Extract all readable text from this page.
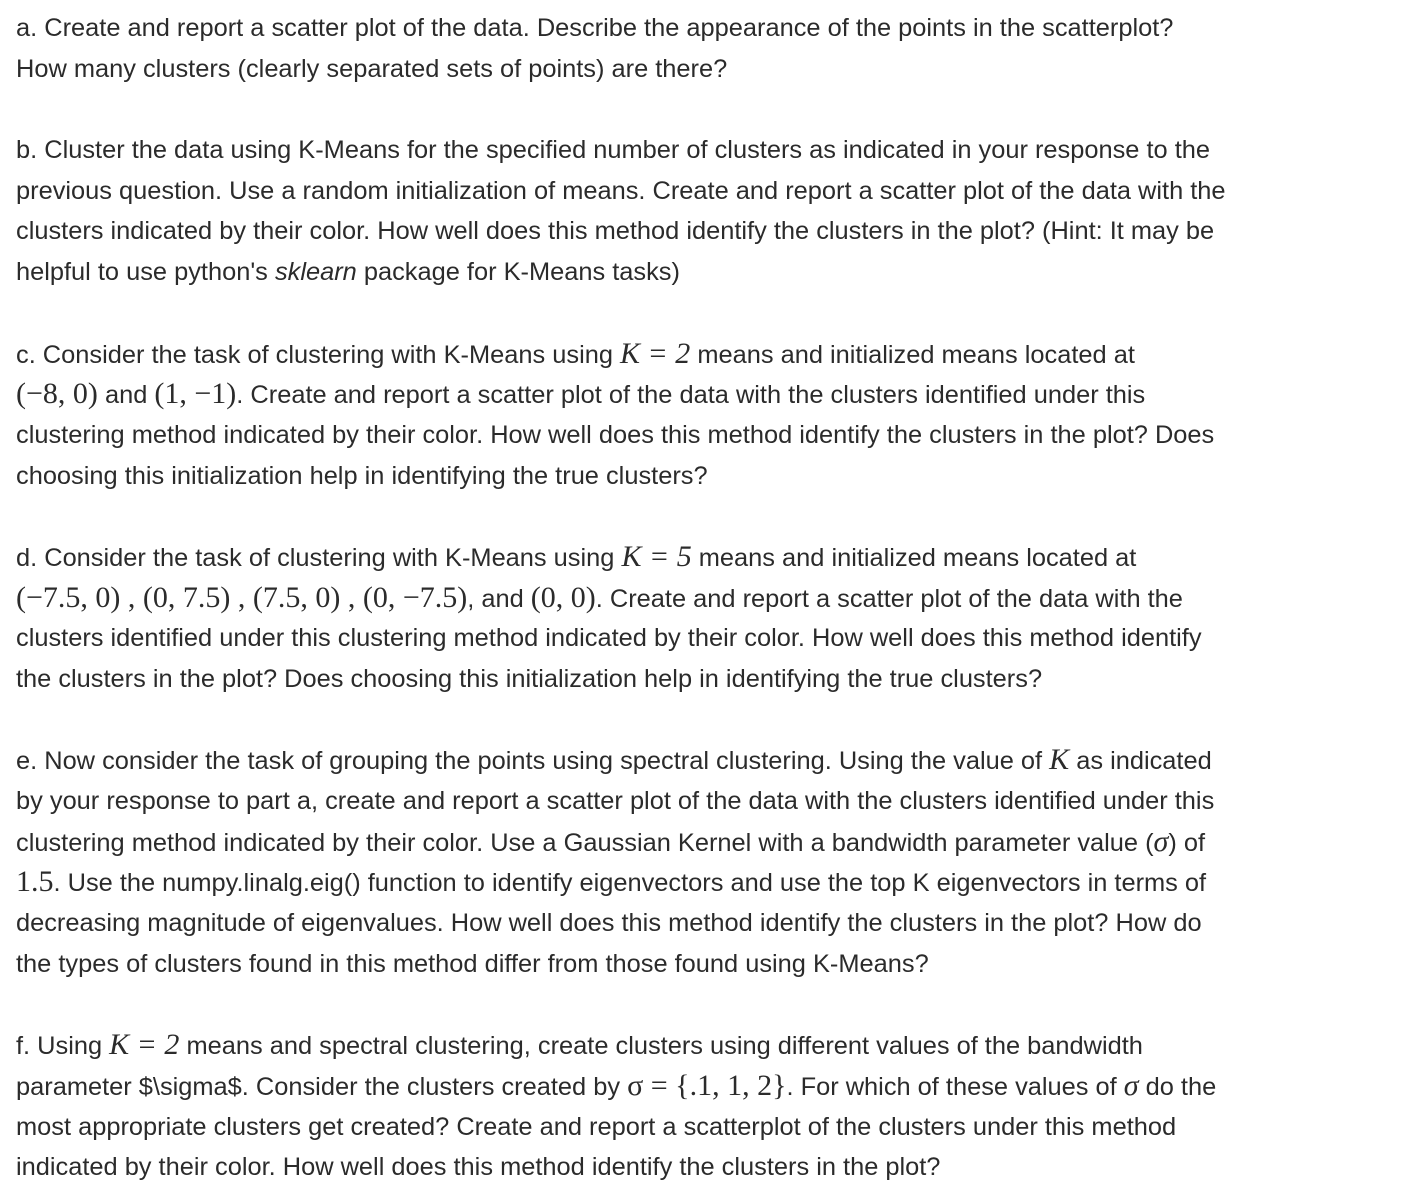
a. Create and report a scatter plot of the data. Describe the appearance of the points in the scatterplot?
How many clusters (clearly separated sets of points) are there?
b. Cluster the data using K-Means for the specified number of clusters as indicated in your response to the
previous question. Use a random initialization of means. Create and report a scatter plot of the data with the
clusters indicated by their color. How well does this method identify the clusters in the plot? (Hint: It may be
helpful to use python's sklearn package for K-Means tasks)
c. Consider the task of clustering with K-Means using K = 2 means and initialized means located at
(−8, 0) and (1, −1). Create and report a scatter plot of the data with the clusters identified under this
clustering method indicated by their color. How well does this method identify the clusters in the plot? Does
choosing this initialization help in identifying the true clusters?
d. Consider the task of clustering with K-Means using K = 5 means and initialized means located at
(−7.5, 0) , (0, 7.5) , (7.5, 0) , (0, −7.5), and (0, 0). Create and report a scatter plot of the data with the
clusters identified under this clustering method indicated by their color. How well does this method identify
the clusters in the plot? Does choosing this initialization help in identifying the true clusters?
e. Now consider the task of grouping the points using spectral clustering. Using the value of K as indicated
by your response to part a, create and report a scatter plot of the data with the clusters identified under this
clustering method indicated by their color. Use a Gaussian Kernel with a bandwidth parameter value (σ) of
1.5. Use the numpy.linalg.eig() function to identify eigenvectors and use the top K eigenvectors in terms of
decreasing magnitude of eigenvalues. How well does this method identify the clusters in the plot? How do
the types of clusters found in this method differ from those found using K-Means?
f. Using K = 2 means and spectral clustering, create clusters using different values of the bandwidth
parameter $\sigma$. Consider the clusters created by σ = {.1, 1, 2}. For which of these values of σ do the
most appropriate clusters get created? Create and report a scatterplot of the clusters under this method
indicated by their color. How well does this method identify the clusters in the plot?
